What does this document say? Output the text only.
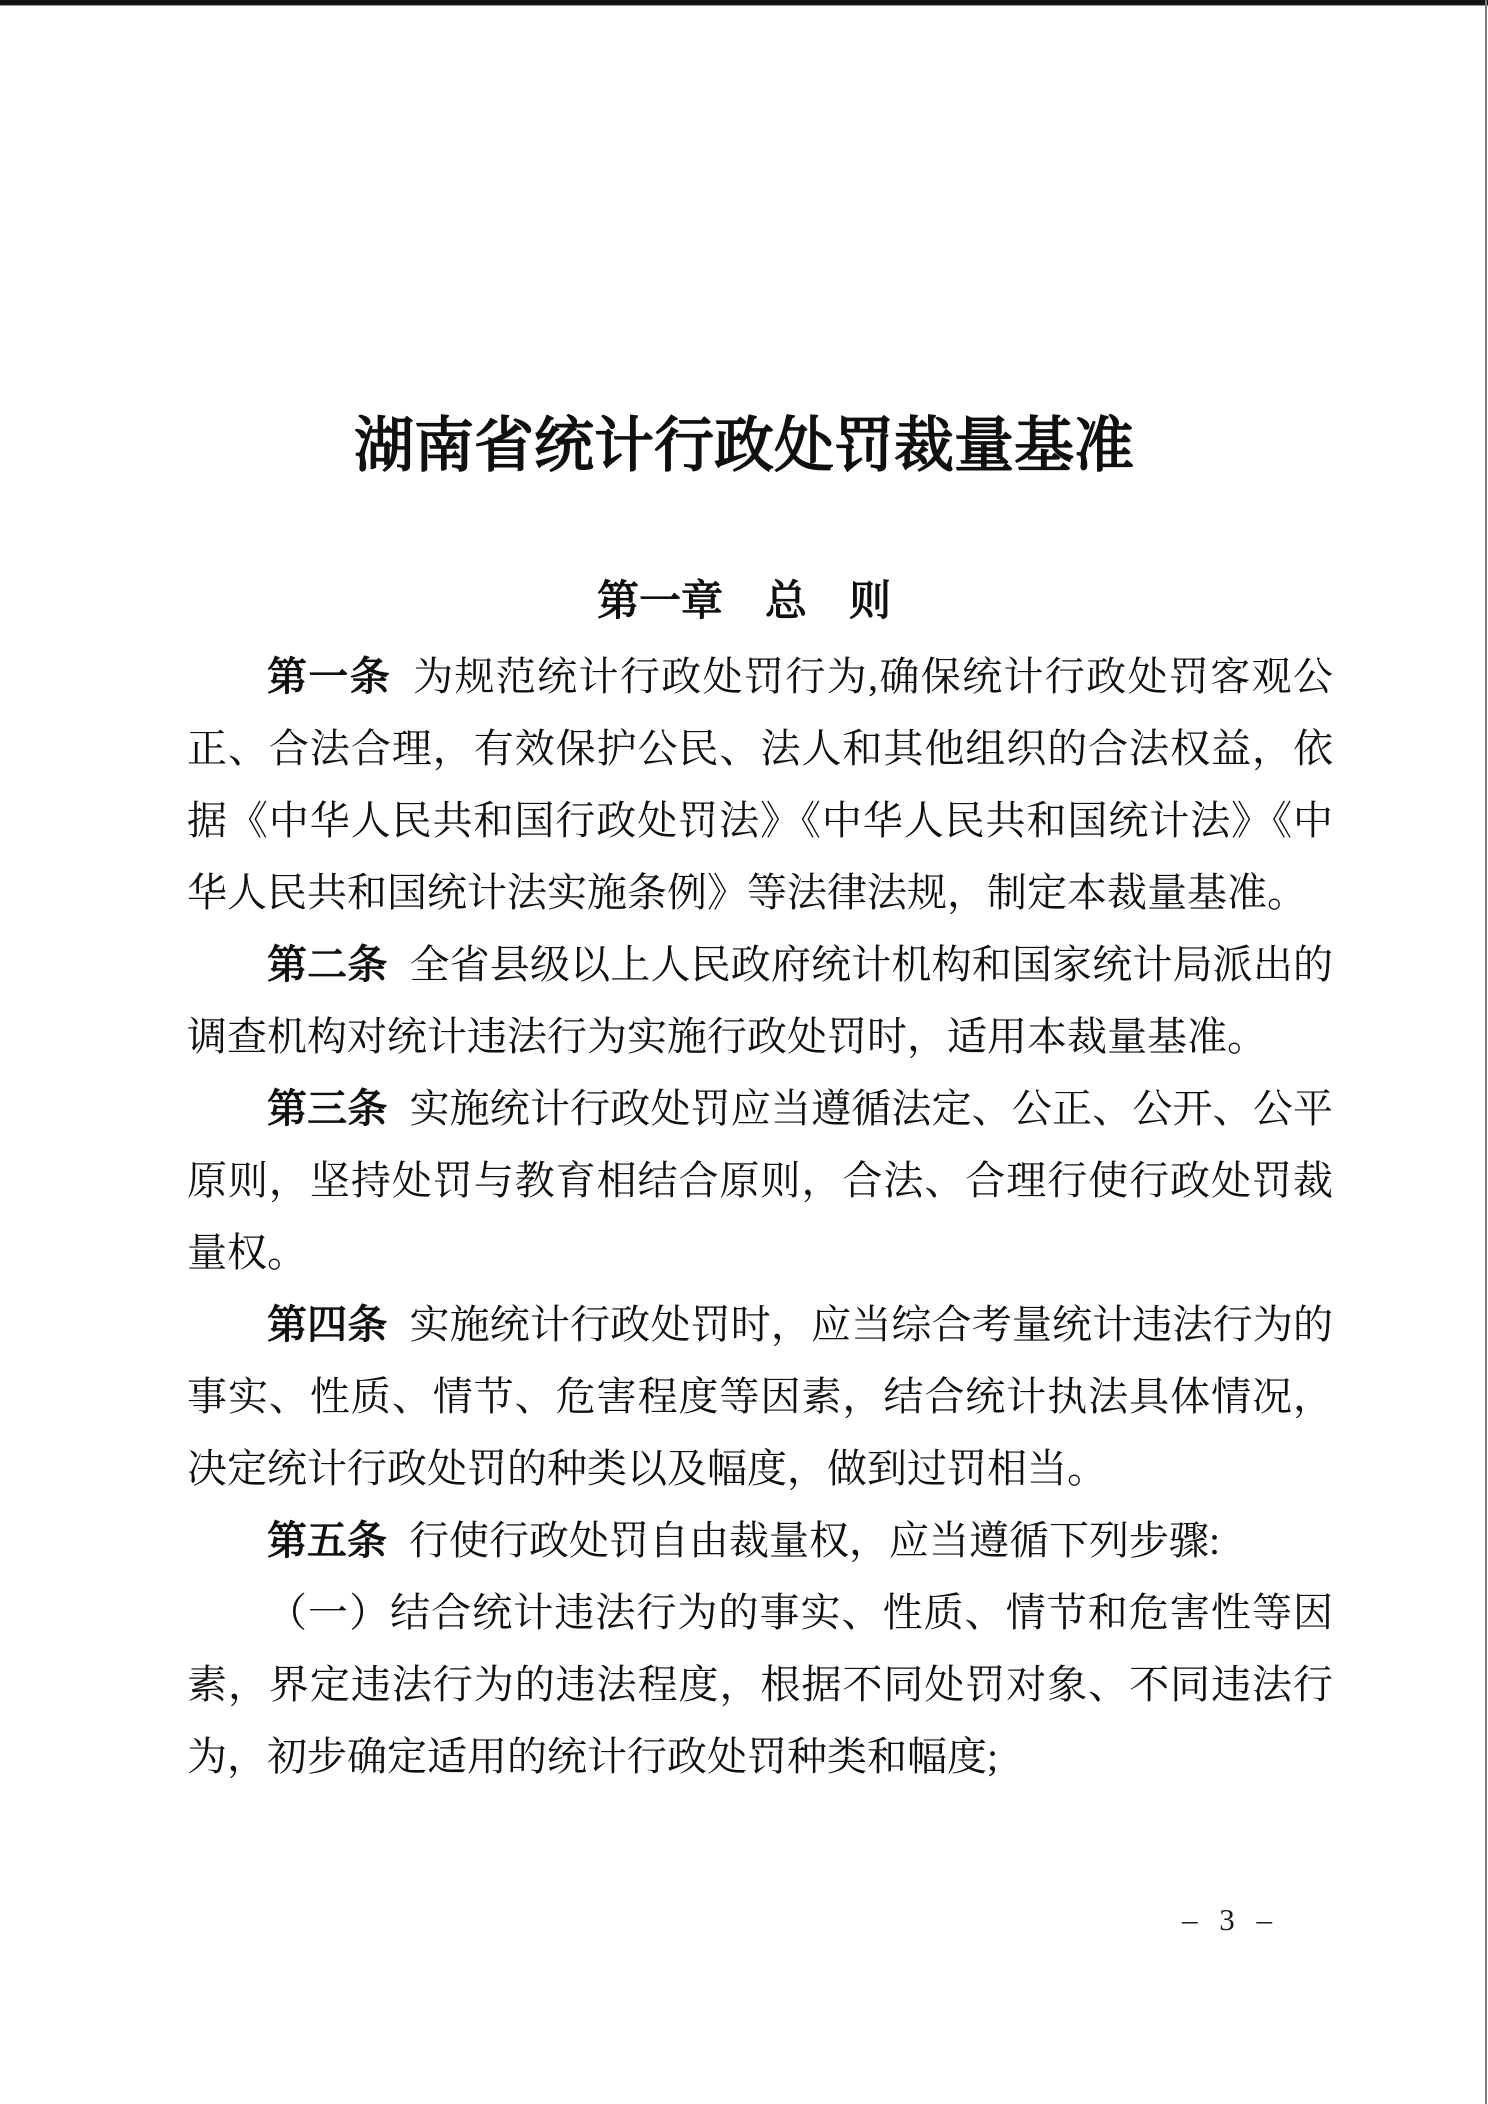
湖南省统计行政处罚裁量基准
第一章　总　则

第一条 为规范统计行政处罚行为,确保统计行政处罚客观公正、合法合理，有效保护公民、法人和其他组织的合法权益，依据《中华人民共和国行政处罚法》《中华人民共和国统计法》《中华人民共和国统计法实施条例》等法律法规，制定本裁量基准。

第二条 全省县级以上人民政府统计机构和国家统计局派出的调查机构对统计违法行为实施行政处罚时，适用本裁量基准。

第三条 实施统计行政处罚应当遵循法定、公正、公开、公平原则，坚持处罚与教育相结合原则，合法、合理行使行政处罚裁量权。

第四条 实施统计行政处罚时，应当综合考量统计违法行为的事实、性质、情节、危害程度等因素，结合统计执法具体情况，决定统计行政处罚的种类以及幅度，做到过罚相当。

第五条 行使行政处罚自由裁量权，应当遵循下列步骤:

（一）结合统计违法行为的事实、性质、情节和危害性等因素，界定违法行为的违法程度，根据不同处罚对象、不同违法行为，初步确定适用的统计行政处罚种类和幅度;

– 3 –
